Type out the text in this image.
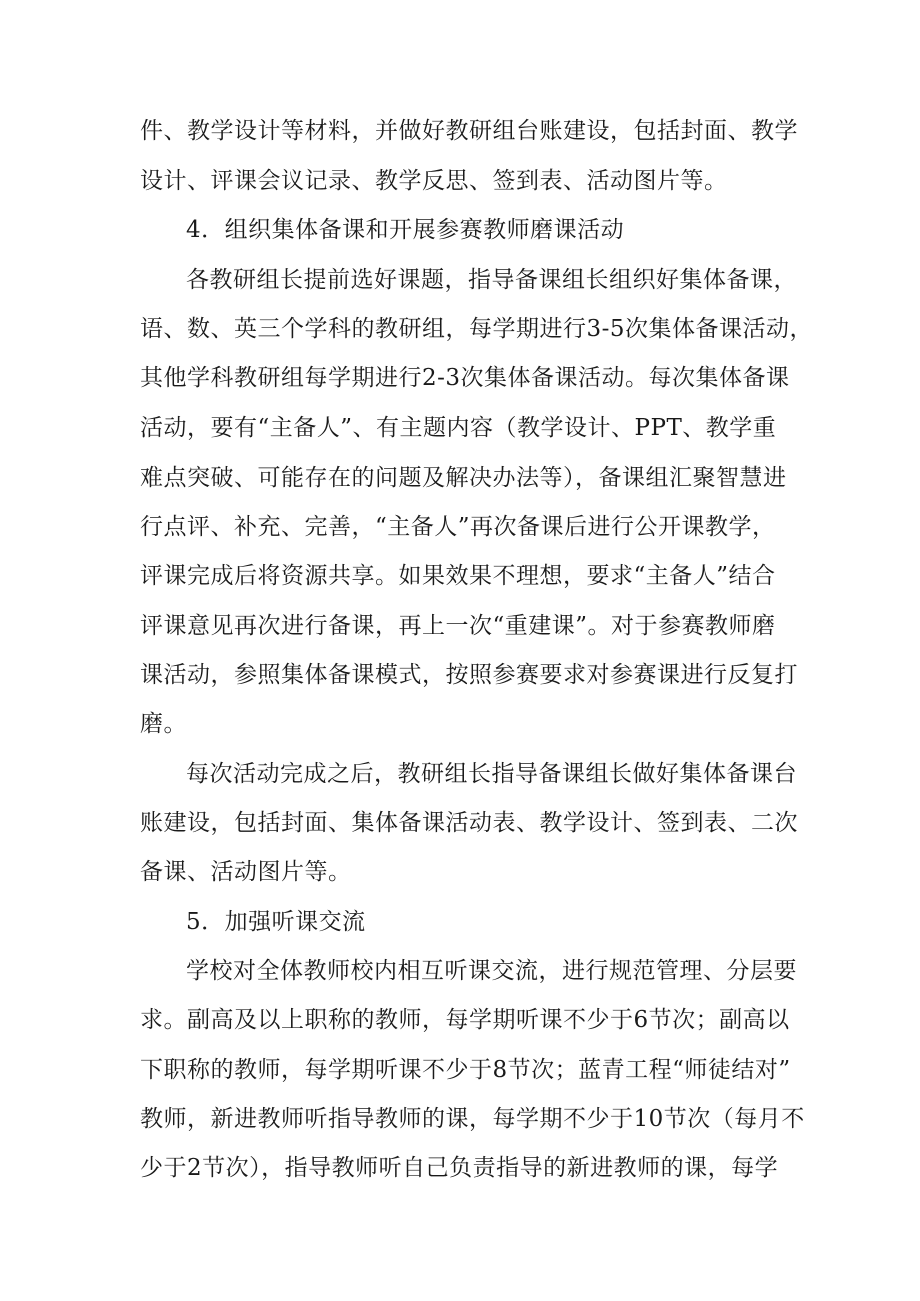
件、教学设计等材料，并做好教研组台账建设，包括封面、教学
设计、评课会议记录、教学反思、签到表、活动图片等。
4．组织集体备课和开展参赛教师磨课活动
各教研组长提前选好课题，指导备课组长组织好集体备课，
语、数、英三个学科的教研组，每学期进行3-5次集体备课活动，
其他学科教研组每学期进行2-3次集体备课活动。每次集体备课
活动，要有“主备人”、有主题内容（教学设计、PPT、教学重
难点突破、可能存在的问题及解决办法等），备课组汇聚智慧进
行点评、补充、完善，“主备人”再次备课后进行公开课教学，
评课完成后将资源共享。如果效果不理想，要求“主备人”结合
评课意见再次进行备课，再上一次“重建课”。对于参赛教师磨
课活动，参照集体备课模式，按照参赛要求对参赛课进行反复打
磨。
每次活动完成之后，教研组长指导备课组长做好集体备课台
账建设，包括封面、集体备课活动表、教学设计、签到表、二次
备课、活动图片等。
5．加强听课交流
学校对全体教师校内相互听课交流，进行规范管理、分层要
求。副高及以上职称的教师，每学期听课不少于6节次；副高以
下职称的教师，每学期听课不少于8节次；蓝青工程“师徒结对”
教师，新进教师听指导教师的课，每学期不少于10节次（每月不
少于2节次），指导教师听自己负责指导的新进教师的课，每学
